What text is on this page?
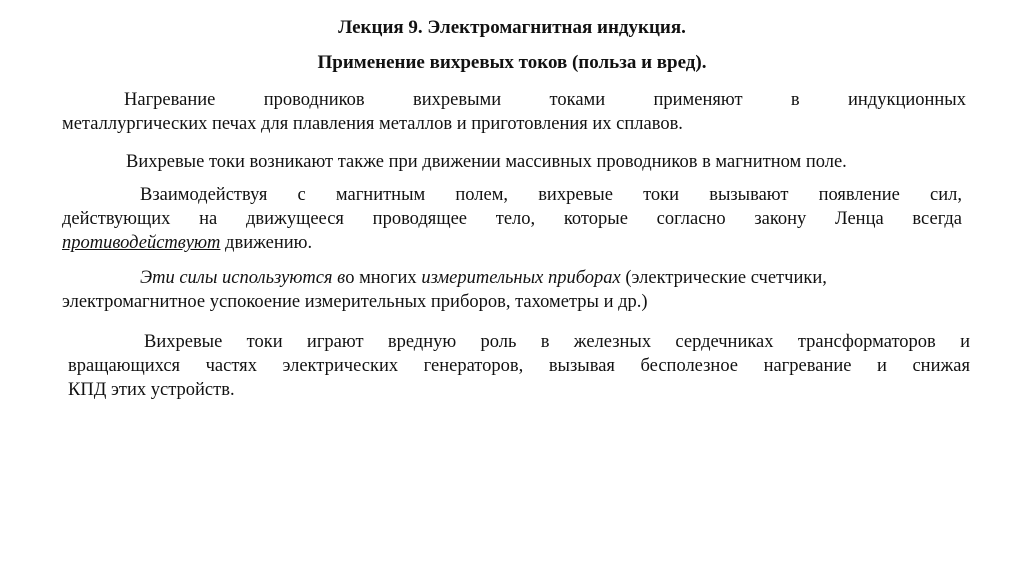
Лекция 9. Электромагнитная индукция.
Применение вихревых токов (польза и вред).
Нагревание проводников вихревыми токами применяют в индукционных
металлургических печах для плавления металлов и приготовления их сплавов.
Вихревые токи возникают также при движении массивных проводников в магнитном поле.
Взаимодействуя с магнитным полем, вихревые токи вызывают появление сил,
действующих на движущееся проводящее тело, которые согласно закону Ленца всегда
противодействуют движению.
Эти силы используются во многих измерительных приборах (электрические счетчики,
электромагнитное успокоение измерительных приборов, тахометры и др.)
Вихревые токи играют вредную роль в железных сердечниках трансформаторов и
вращающихся частях электрических генераторов, вызывая бесполезное нагревание и снижая
КПД этих устройств.
